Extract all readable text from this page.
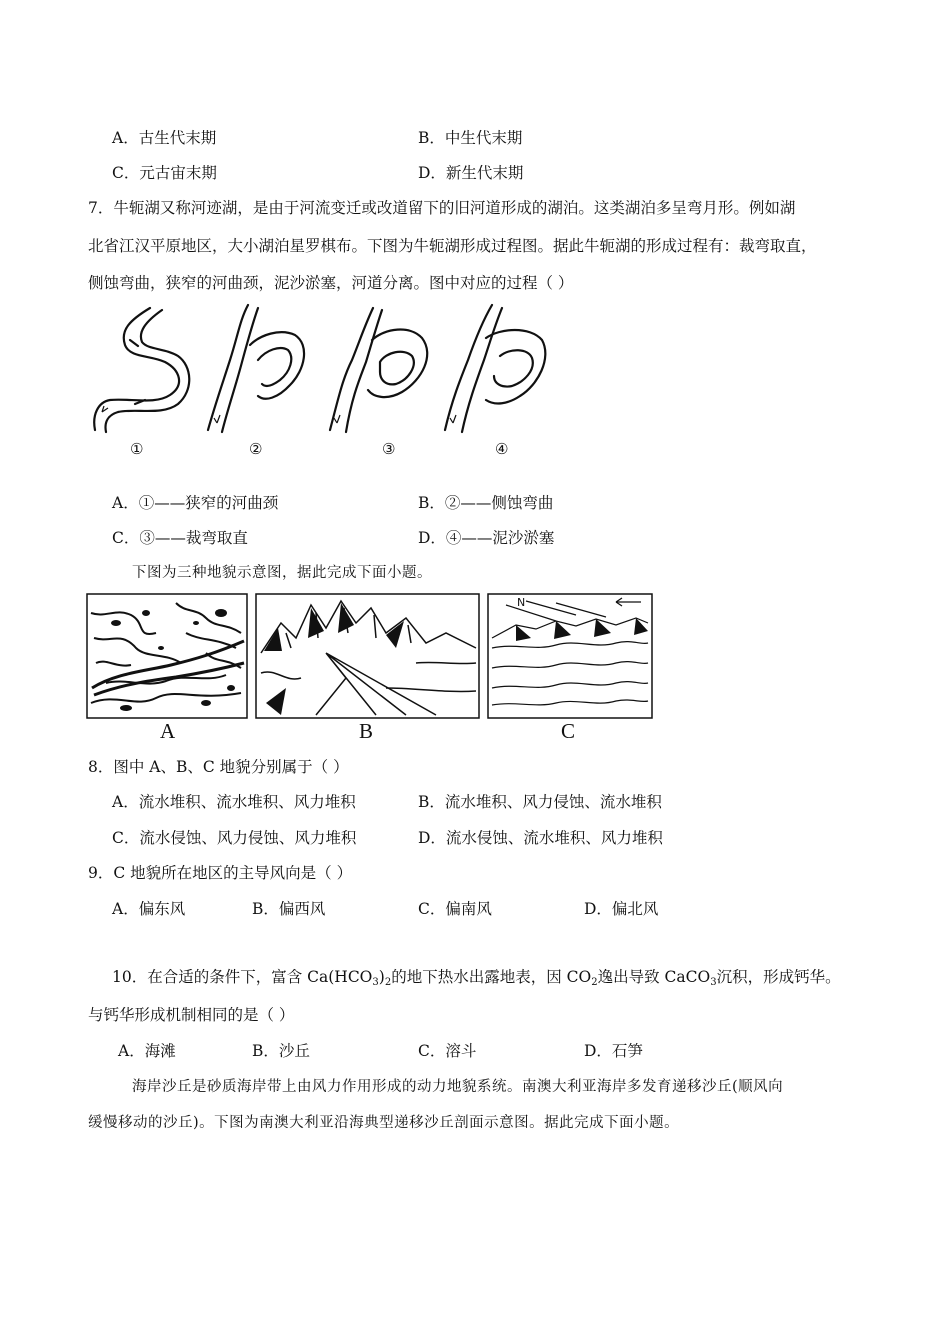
A．古生代末期	B．中生代末期
C．元古宙末期	D．新生代末期
7．牛轭湖又称河迹湖，是由于河流变迁或改道留下的旧河道形成的湖泊。这类湖泊多呈弯月形。例如湖
北省江汉平原地区，大小湖泊星罗棋布。下图为牛轭湖形成过程图。据此牛轭湖的形成过程有：裁弯取直，
侧蚀弯曲，狭窄的河曲颈，泥沙淤塞，河道分离。图中对应的过程（ ）
①	②	③	④
A．①——狭窄的河曲颈	B．②——侧蚀弯曲
C．③——裁弯取直	D．④——泥沙淤塞
下图为三种地貌示意图，据此完成下面小题。
N
A	B	C
8．图中 A、B、C 地貌分别属于（ ）
A．流水堆积、流水堆积、风力堆积	B．流水堆积、风力侵蚀、流水堆积
C．流水侵蚀、风力侵蚀、风力堆积	D．流水侵蚀、流水堆积、风力堆积
9．C 地貌所在地区的主导风向是（ ）
A．偏东风	B．偏西风	C．偏南风	D．偏北风
10．在合适的条件下，富含 $Ca(HCO_3)_2$的地下热水出露地表，因 $CO_2$逸出导致 CaCO$_3$沉积，形成钙华。
与钙华形成机制相同的是（ ）
A．海滩	B．沙丘	C．溶斗	D．石笋
海岸沙丘是砂质海岸带上由风力作用形成的动力地貌系统。南澳大利亚海岸多发育递移沙丘(顺风向
缓慢移动的沙丘)。下图为南澳大利亚沿海典型递移沙丘剖面示意图。据此完成下面小题。
